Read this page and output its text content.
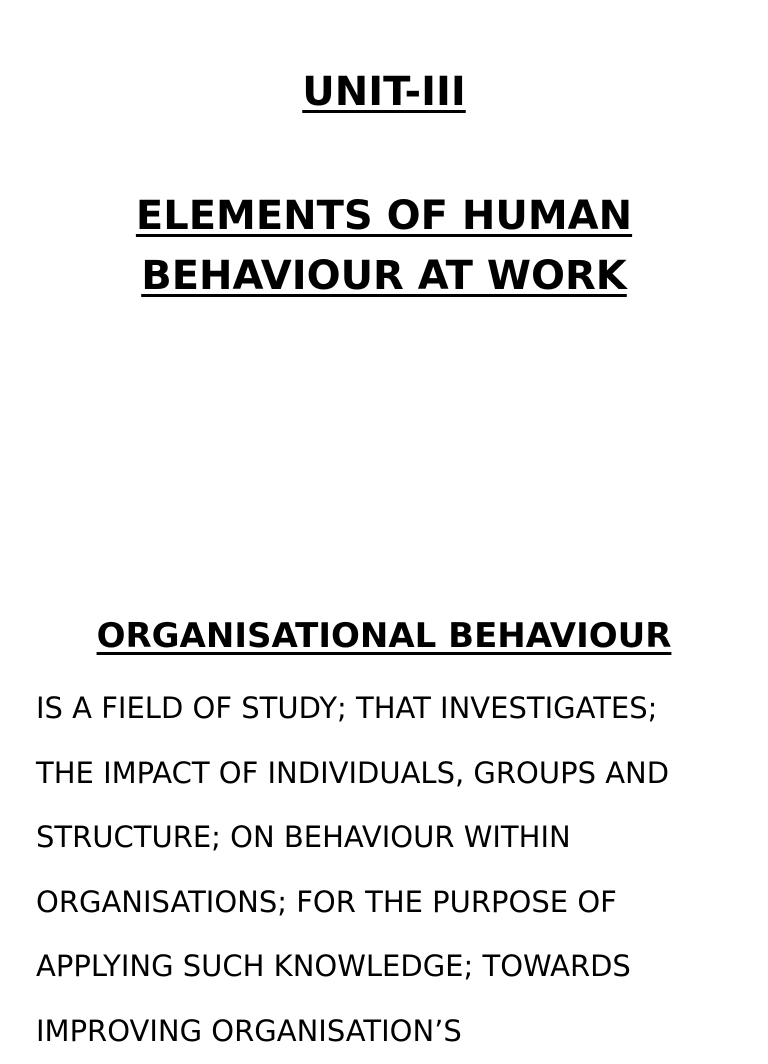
UNIT-III
ELEMENTS OF HUMAN
BEHAVIOUR AT WORK
ORGANISATIONAL BEHAVIOUR

IS A FIELD OF STUDY; THAT INVESTIGATES;
THE IMPACT OF INDIVIDUALS, GROUPS AND
STRUCTURE; ON BEHAVIOUR WITHIN
ORGANISATIONS; FOR THE PURPOSE OF
APPLYING SUCH KNOWLEDGE; TOWARDS
IMPROVING ORGANISATION’S
